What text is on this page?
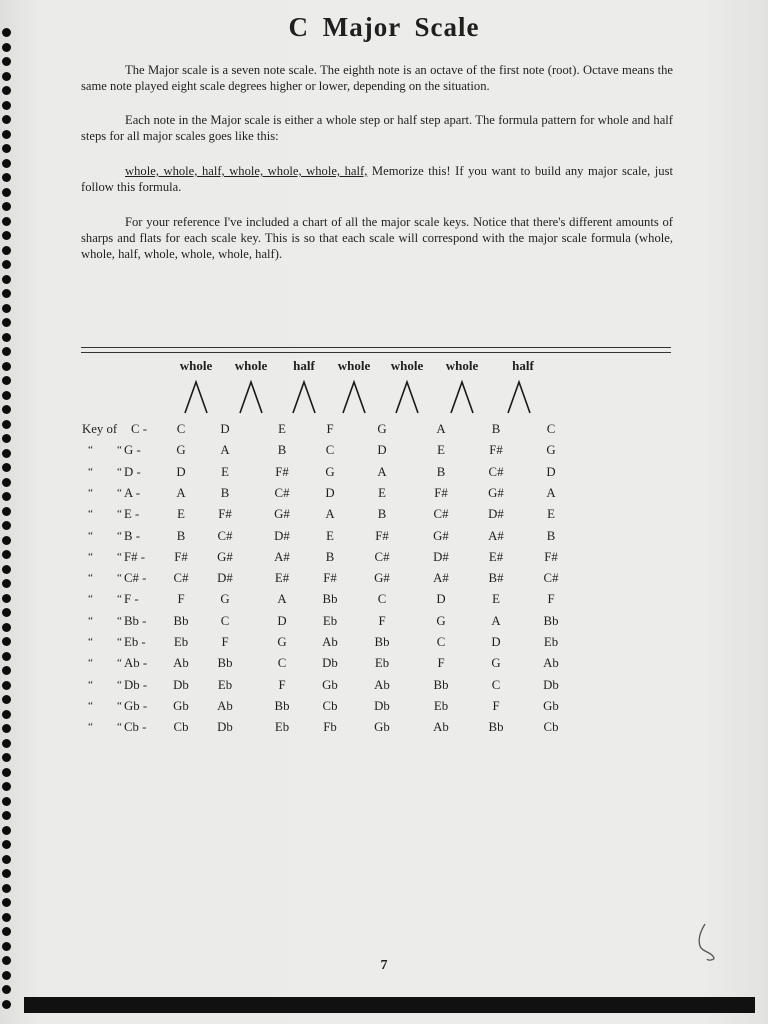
C Major Scale
The Major scale is a seven note scale. The eighth note is an octave of the first note (root). Octave means the same note played eight scale degrees higher or lower, depending on the situation.
Each note in the Major scale is either a whole step or half step apart. The formula pattern for whole and half steps for all major scales goes like this:
whole, whole, half, whole, whole, whole, half, Memorize this! If you want to build any major scale, just follow this formula.
For your reference I've included a chart of all the major scale keys. Notice that there's different amounts of sharps and flats for each scale key. This is so that each scale will correspond with the major scale formula (whole, whole, half, whole, whole, whole, half).
whole whole half whole whole whole	half
Key of C - C	D	E	F	G	A	B	C
“ “ G -	G	A	B	C	D	E	F#	G
“ “ D -	D	E	F#	G	A	B	C#	D
“ “ A -	A	B	C#	D	E	F#	G#	A
“ “ E -	E	F#	G#	A	B	C#	D#	E
“ “ B -	B	C#	D#	E	F#	G#	A#	B
“ “ F# - F# G#	A#	B	C#	D#	E#	F#
“ “ C# - C# D#	E#	F#	G#	A#	B#	C#
“ “ F -	F	G	A	Bb	C	D	E	F
“ “ Bb - Bb	C	D	Eb	F	G	A	Bb
“ “ Eb - Eb	F	G	Ab	Bb	C	D	Eb
“ “ Ab - Ab Bb	C	Db	Eb	F	G	Ab
“ “ Db - Db Eb	F	Gb	Ab	Bb	C	Db
“ “ Gb - Gb Ab	Bb	Cb	Db	Eb	F	Gb
“ “ Cb - Cb Db	Eb	Fb	Gb	Ab	Bb	Cb
7
